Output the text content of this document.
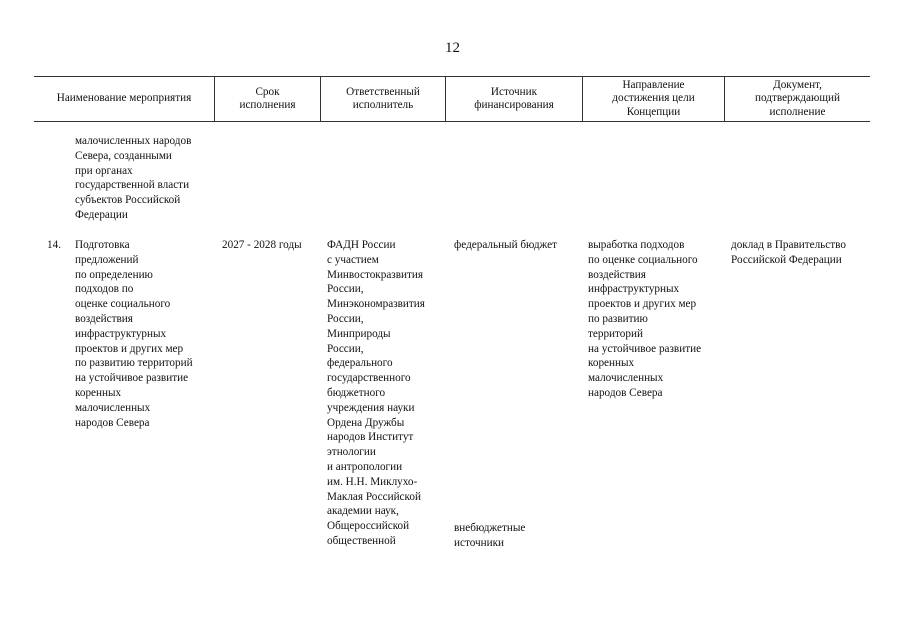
12
Наименование мероприятия
Срок
исполнения
Ответственный
исполнитель
Источник
финансирования
Направление
достижения цели
Концепции
Документ,
подтверждающий
исполнение
малочисленных народов
Севера, созданными
при органах
государственной власти
субъектов Российской
Федерации
14. Подготовка
предложений
по определению
подходов по
оценке социального
воздействия
инфраструктурных
проектов и других мер
по развитию территорий
на устойчивое развитие
коренных
малочисленных
народов Севера
2027 - 2028 годы	ФАДН России
с участием
Минвостокразвития
России,
Минэкономразвития
России,
Минприроды
России,
федерального
государственного
бюджетного
учреждения науки
Ордена Дружбы
народов Институт
этнологии
и антропологии
им. Н.Н. Миклухо-
Маклая Российской
академии наук,
Общероссийской
общественной
федеральный бюджет
внебюджетные
источники
выработка подходов
по оценке социального
воздействия
инфраструктурных
проектов и других мер
по развитию
территорий
на устойчивое развитие
коренных
малочисленных
народов Севера
доклад в Правительство
Российской Федерации
